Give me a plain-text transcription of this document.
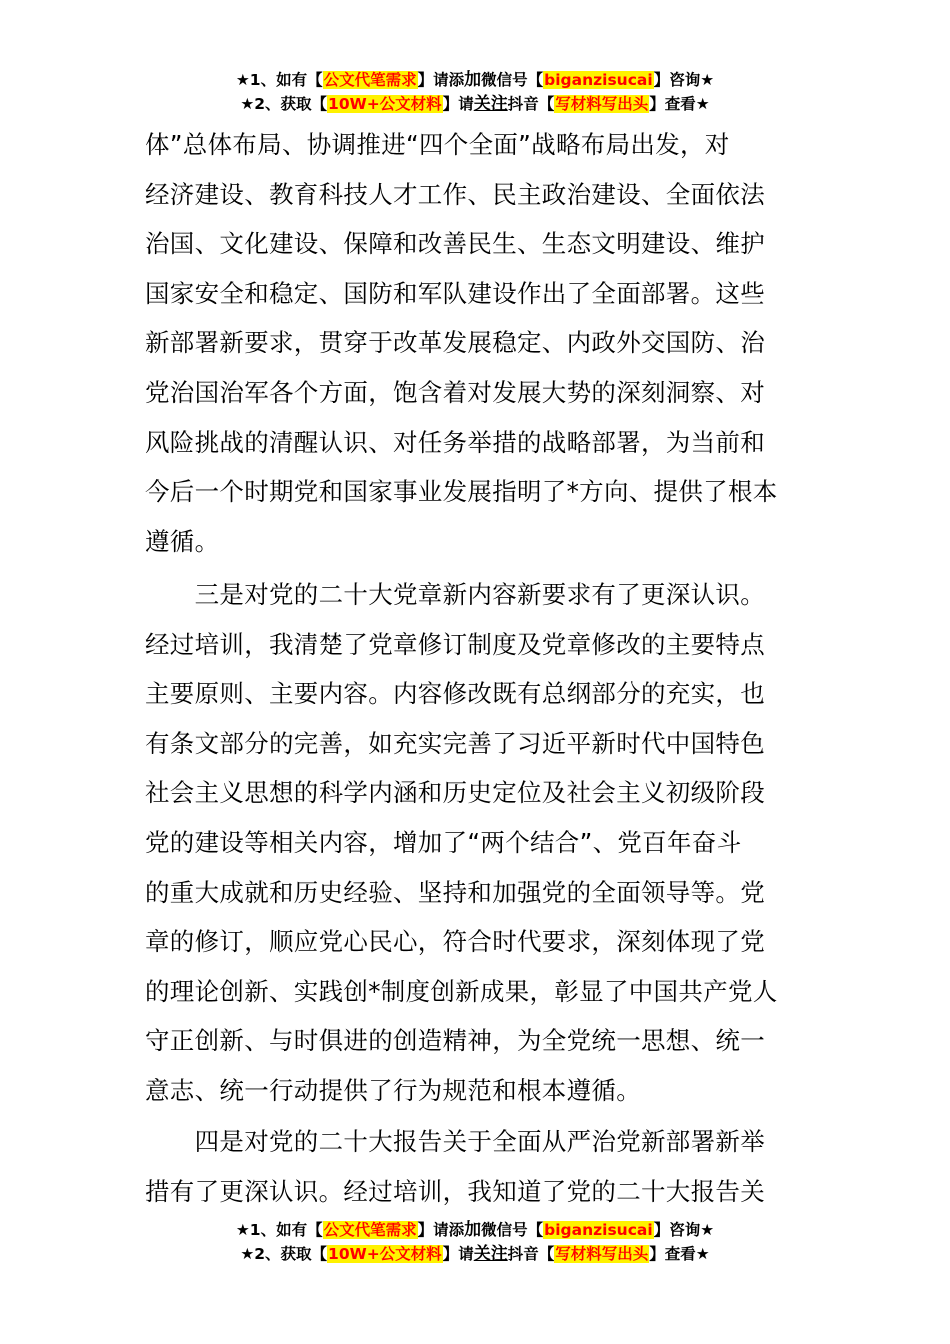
★1、如有【公文代笔需求】请添加微信号【biganzisucai】咨询★
★2、获取【10W+公文材料】请关注抖音【写材料写出头】查看★
体”总体布局、协调推进“四个全面”战略布局出发，对
经济建设、教育科技人才工作、民主政治建设、全面依法
治国、文化建设、保障和改善民生、生态文明建设、维护
国家安全和稳定、国防和军队建设作出了全面部署。这些
新部署新要求，贯穿于改革发展稳定、内政外交国防、治
党治国治军各个方面，饱含着对发展大势的深刻洞察、对
风险挑战的清醒认识、对任务举措的战略部署，为当前和
今后一个时期党和国家事业发展指明了*方向、提供了根本
遵循。
　　三是对党的二十大党章新内容新要求有了更深认识。
经过培训，我清楚了党章修订制度及党章修改的主要特点
主要原则、主要内容。内容修改既有总纲部分的充实，也
有条文部分的完善，如充实完善了习近平新时代中国特色
社会主义思想的科学内涵和历史定位及社会主义初级阶段
党的建设等相关内容，增加了“两个结合”、党百年奋斗
的重大成就和历史经验、坚持和加强党的全面领导等。党
章的修订，顺应党心民心，符合时代要求，深刻体现了党
的理论创新、实践创*制度创新成果，彰显了中国共产党人
守正创新、与时俱进的创造精神，为全党统一思想、统一
意志、统一行动提供了行为规范和根本遵循。
　　四是对党的二十大报告关于全面从严治党新部署新举
措有了更深认识。经过培训，我知道了党的二十大报告关
★1、如有【公文代笔需求】请添加微信号【biganzisucai】咨询★
★2、获取【10W+公文材料】请关注抖音【写材料写出头】查看★
